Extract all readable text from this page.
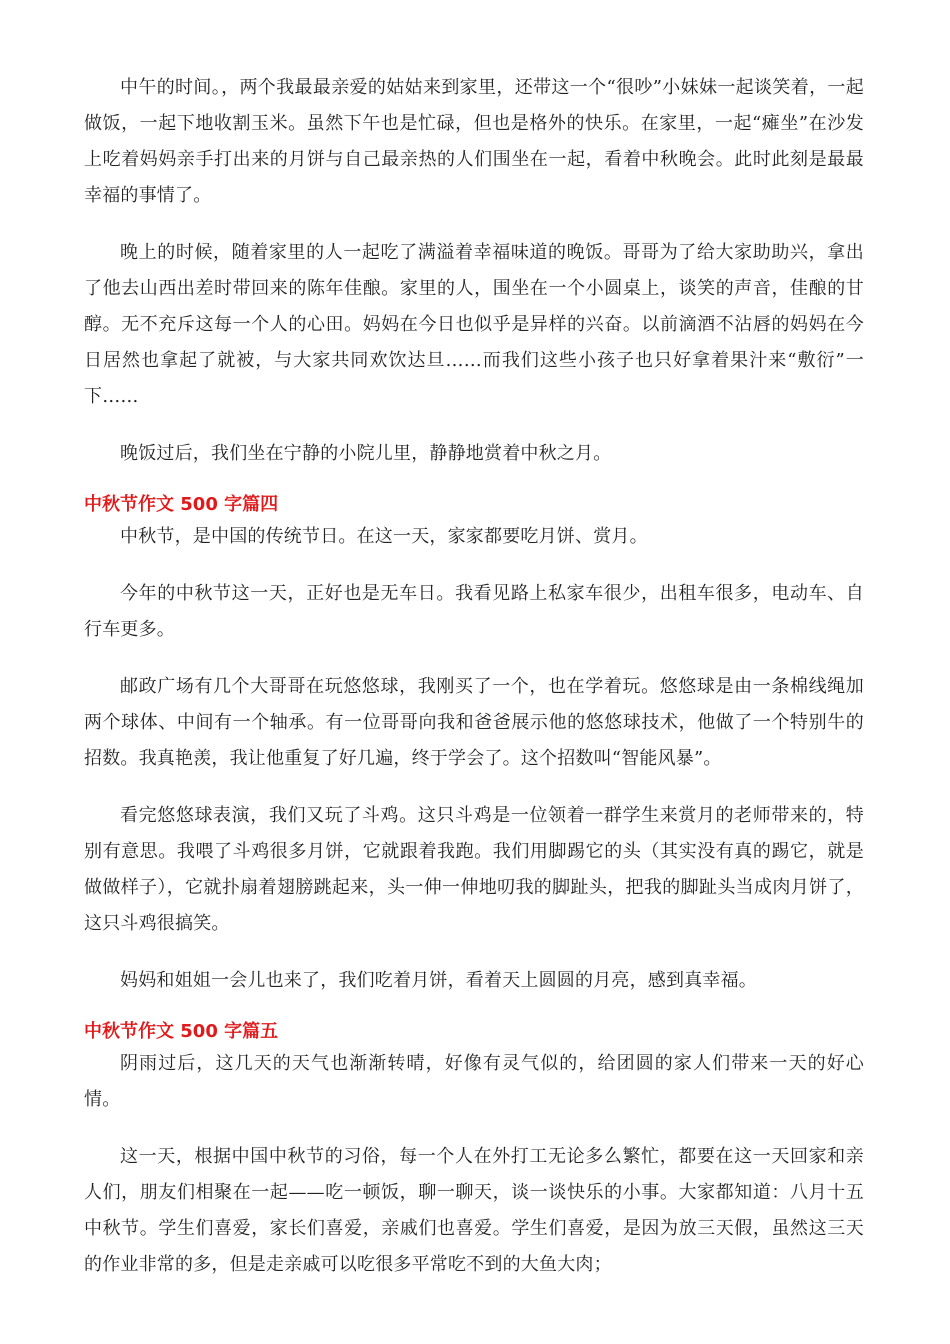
中午的时间。，两个我最最亲爱的姑姑来到家里，还带这一个“很吵”小妹妹一起谈笑着，一起做饭，一起下地收割玉米。虽然下午也是忙碌，但也是格外的快乐。在家里，一起“瘫坐”在沙发上吃着妈妈亲手打出来的月饼与自己最亲热的人们围坐在一起，看着中秋晚会。此时此刻是最最幸福的事情了。

晚上的时候，随着家里的人一起吃了满溢着幸福味道的晚饭。哥哥为了给大家助助兴，拿出了他去山西出差时带回来的陈年佳酿。家里的人，围坐在一个小圆桌上，谈笑的声音，佳酿的甘醇。无不充斥这每一个人的心田。妈妈在今日也似乎是异样的兴奋。以前滴酒不沾唇的妈妈在今日居然也拿起了就被，与大家共同欢饮达旦……而我们这些小孩子也只好拿着果汁来“敷衍”一下……

晚饭过后，我们坐在宁静的小院儿里，静静地赏着中秋之月。

中秋节作文 500 字篇四

中秋节，是中国的传统节日。在这一天，家家都要吃月饼、赏月。

今年的中秋节这一天，正好也是无车日。我看见路上私家车很少，出租车很多，电动车、自行车更多。

邮政广场有几个大哥哥在玩悠悠球，我刚买了一个，也在学着玩。悠悠球是由一条棉线绳加两个球体、中间有一个轴承。有一位哥哥向我和爸爸展示他的悠悠球技术，他做了一个特别牛的招数。我真艳羡，我让他重复了好几遍，终于学会了。这个招数叫“智能风暴”。

看完悠悠球表演，我们又玩了斗鸡。这只斗鸡是一位领着一群学生来赏月的老师带来的，特别有意思。我喂了斗鸡很多月饼，它就跟着我跑。我们用脚踢它的头（其实没有真的踢它，就是做做样子），它就扑扇着翅膀跳起来，头一伸一伸地叨我的脚趾头，把我的脚趾头当成肉月饼了，这只斗鸡很搞笑。

妈妈和姐姐一会儿也来了，我们吃着月饼，看着天上圆圆的月亮，感到真幸福。

中秋节作文 500 字篇五

阴雨过后，这几天的天气也渐渐转晴，好像有灵气似的，给团圆的家人们带来一天的好心情。

这一天，根据中国中秋节的习俗，每一个人在外打工无论多么繁忙，都要在这一天回家和亲人们，朋友们相聚在一起——吃一顿饭，聊一聊天，谈一谈快乐的小事。大家都知道：八月十五中秋节。学生们喜爱，家长们喜爱，亲戚们也喜爱。学生们喜爱，是因为放三天假，虽然这三天的作业非常的多，但是走亲戚可以吃很多平常吃不到的大鱼大肉；
